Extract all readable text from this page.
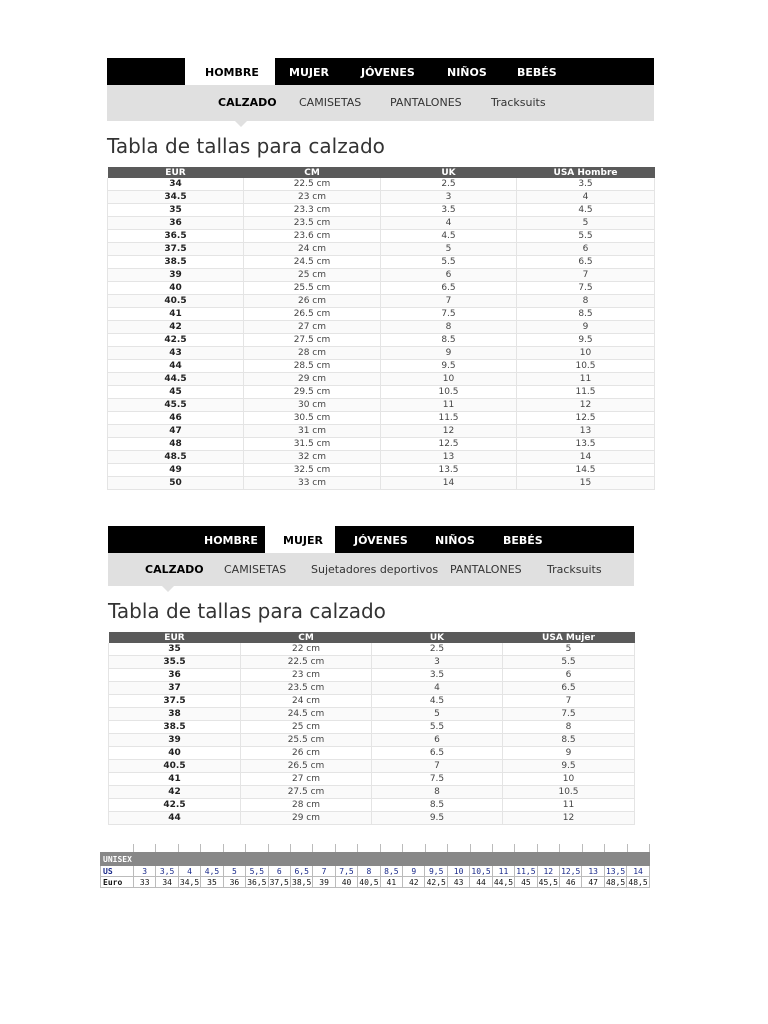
HOMBRE	MUJER	JÓVENES	NIÑOS	BEBÉS
CALZADO CAMISETAS	PANTALONES	Tracksuits
Tabla de tallas para calzado
EUR	CM	UK	USA Hombre
34	22.5 cm	2.5	3.5
34.5	23 cm	3	4
35	23.3 cm	3.5	4.5
36	23.5 cm	4	5
36.5	23.6 cm	4.5	5.5
37.5	24 cm	5	6
38.5	24.5 cm	5.5	6.5
39	25 cm	6	7
40	25.5 cm	6.5	7.5
40.5	26 cm	7	8
41	26.5 cm	7.5	8.5
42	27 cm	8	9
42.5	27.5 cm	8.5	9.5
43	28 cm	9	10
44	28.5 cm	9.5	10.5
44.5	29 cm	10	11
45	29.5 cm	10.5	11.5
45.5	30 cm	11	12
46	30.5 cm	11.5	12.5
47	31 cm	12	13
48	31.5 cm	12.5	13.5
48.5	32 cm	13	14
49	32.5 cm	13.5	14.5
50	33 cm	14	15
HOMBRE	MUJER	JÓVENES	NIÑOS	BEBÉS
CALZADO CAMISETAS Sujetadores deportivos PANTALONES Tracksuits
Tabla de tallas para calzado
EUR	CM	UK	USA Mujer
35	22 cm	2.5	5
35.5	22.5 cm	3	5.5
36	23 cm	3.5	6
37	23.5 cm	4	6.5
37.5	24 cm	4.5	7
38	24.5 cm	5	7.5
38.5	25 cm	5.5	8
39	25.5 cm	6	8.5
40	26 cm	6.5	9
40.5	26.5 cm	7	9.5
41	27 cm	7.5	10
42	27.5 cm	8	10.5
42.5	28 cm	8.5	11
44	29 cm	9.5	12
UNISEX																							
US	3	3,5	4	4,5	5	5,5	6	6,5	7	7,5	8	8,5	9	9,5	10	10,5	11	11,5	12	12,5	13	13,5	14
Euro	33	34	34,5	35	36	36,5	37,5	38,5	39	40	40,5	41	42	42,5	43	44	44,5	45	45,5	46	47	48,5	48,5
